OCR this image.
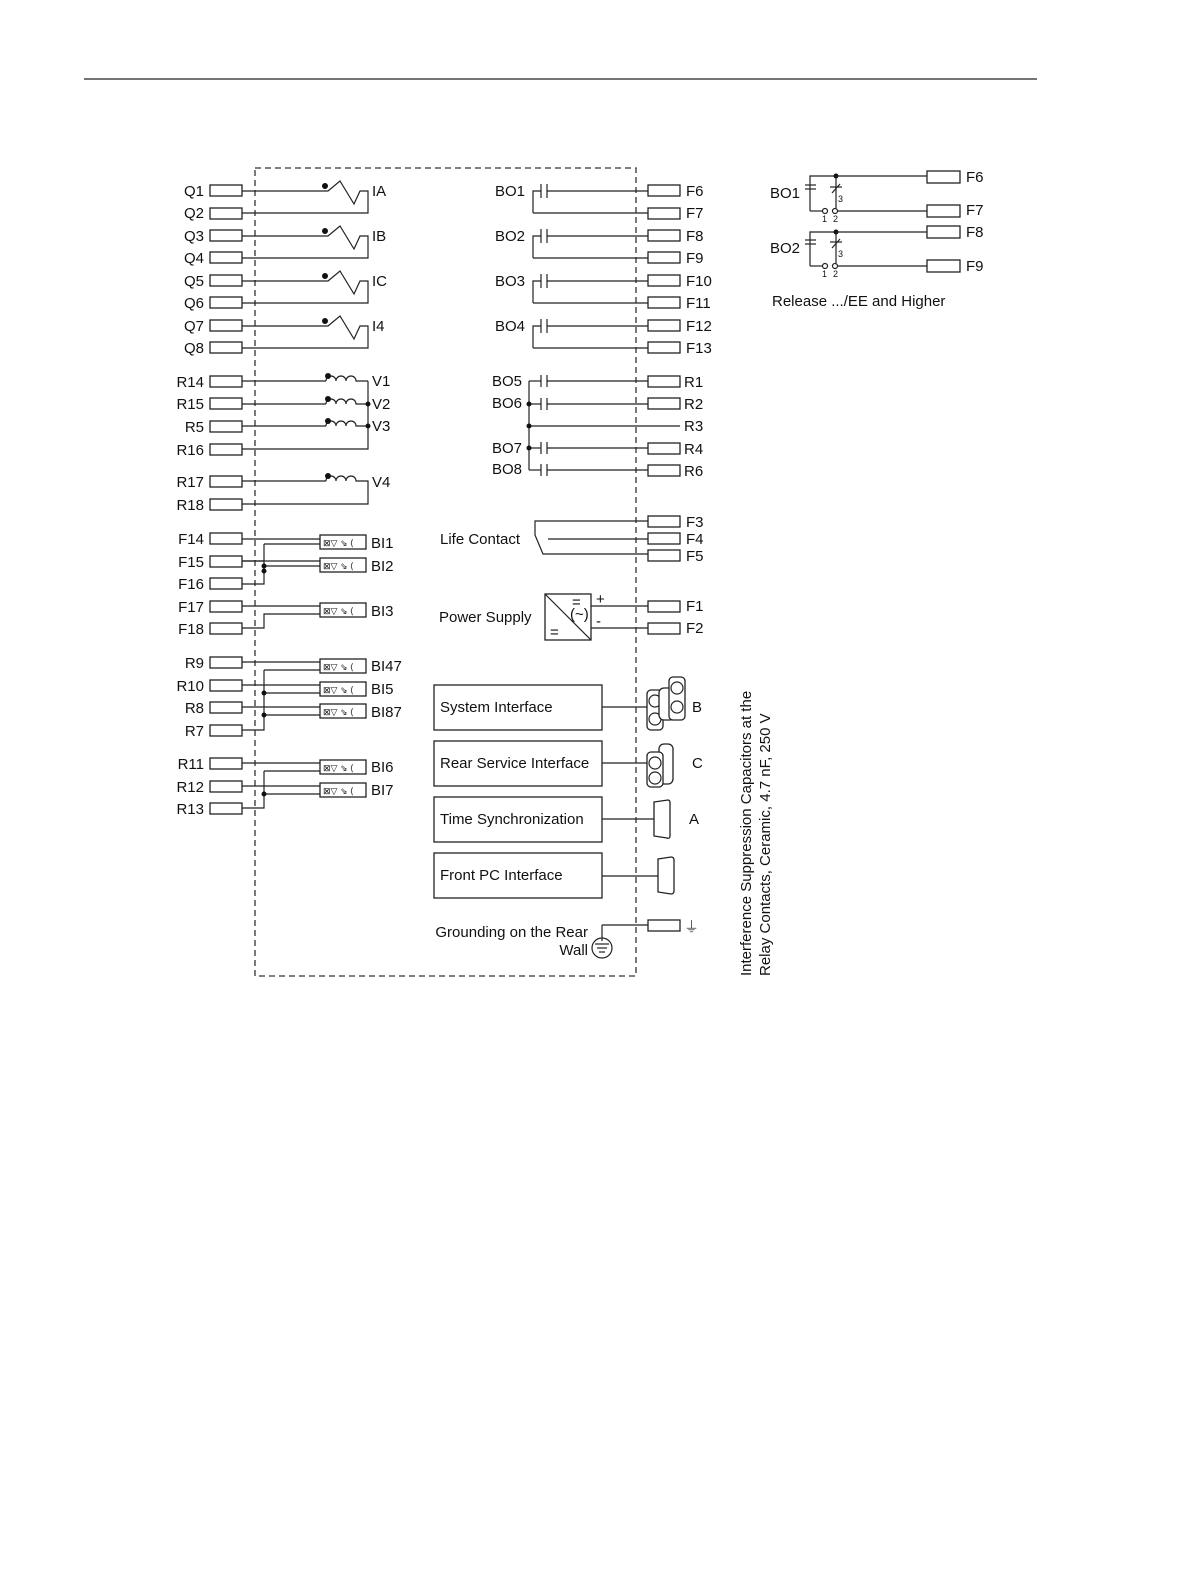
Q1
Q2
IA
Q3
Q4
IB
Q5
Q6
IC
Q7
Q8
I4
R14
R15
R5
R16
V1
V2
V3
R17
R18
V4
F14
F15
F16
F17
F18
R9
R10
R8
R7
R11
R12
R13
⊠▽ ⇘ ⟨
⊠▽ ⇘ ⟨
⊠▽ ⇘ ⟨
⊠▽ ⇘ ⟨
⊠▽ ⇘ ⟨
⊠▽ ⇘ ⟨
⊠▽ ⇘ ⟨
⊠▽ ⇘ ⟨
BI1
BI2
BI3
BI47
BI5
BI87
BI6
BI7
F6
F7
F8
F9
F10
F11
F12
F13
R1
R2
R3
R4
R6
BO1
BO2
BO3
BO4
BO5
BO6
BO7
BO8
F3
F4
F5
Life Contact
=
(~)
=
+
-
F1
F2
Power Supply
System Interface	B
Rear Service Interface	C
Time Synchronization	A
Front PC Interface
Grounding on the Rear
Wall
⏚
BO1	3
1 2
BO2	3
1 2
F6
F7
F8
F9
Release .../EE and Higher
Interference Suppression Capacitors at the Relay Contacts, Ceramic, 4.7 nF, 250 V
